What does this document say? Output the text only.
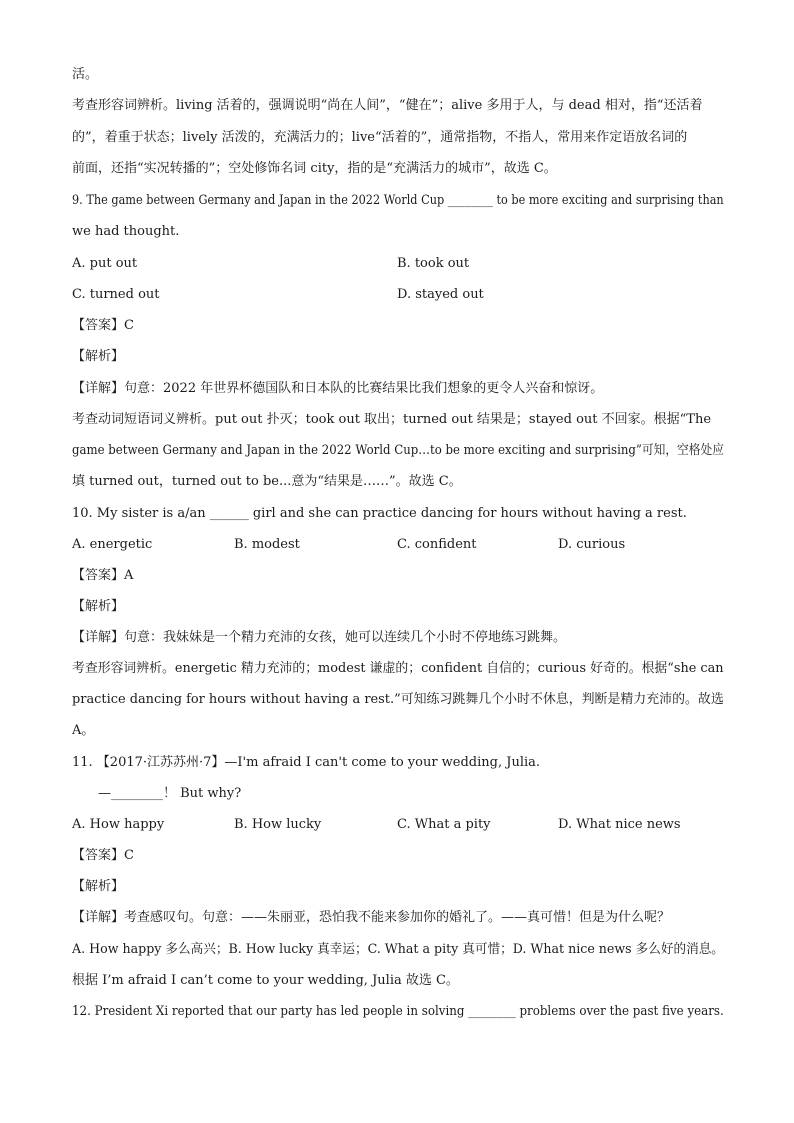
活。
考查形容词辨析。living 活着的，强调说明“尚在人间”，“健在”；alive 多用于人，与 dead 相对，指“还活着
的”，着重于状态；lively 活泼的，充满活力的；live“活着的”，通常指物，不指人，常用来作定语放名词的
前面，还指“实况转播的”；空处修饰名词 city，指的是“充满活力的城市”，故选 C。
9. The game between Germany and Japan in the 2022 World Cup ________ to be more exciting and surprising than
we had thought.
A. put out	B. took out
C. turned out	D. stayed out
【答案】C
【解析】
【详解】句意：2022 年世界杯德国队和日本队的比赛结果比我们想象的更令人兴奋和惊讶。
考查动词短语词义辨析。put out 扑灭；took out 取出；turned out 结果是；stayed out 不回家。根据“The
game between Germany and Japan in the 2022 World Cup…to be more exciting and surprising”可知，空格处应
填 turned out，turned out to be...意为“结果是……”。故选 C。
10. My sister is a/an ______ girl and she can practice dancing for hours without having a rest.
A. energetic	B. modest	C. confident	D. curious
【答案】A
【解析】
【详解】句意：我妹妹是一个精力充沛的女孩，她可以连续几个小时不停地练习跳舞。
考查形容词辨析。energetic 精力充沛的；modest 谦虚的；confident 自信的；curious 好奇的。根据“she can
practice dancing for hours without having a rest.”可知练习跳舞几个小时不休息，判断是精力充沛的。故选
A。
11. 【2017·江苏苏州·7】—I'm afraid I can't come to your wedding, Julia.
—________！ But why?
A. How happy	B. How lucky	C. What a pity	D. What nice news
【答案】C
【解析】
【详解】考查感叹句。句意：——朱丽亚，恐怕我不能来参加你的婚礼了。——真可惜！但是为什么呢？
A. How happy 多么高兴；B. How lucky 真幸运；C. What a pity 真可惜；D. What nice news 多么好的消息。
根据 I’m afraid I can’t come to your wedding, Julia 故选 C。
12. President Xi reported that our party has led people in solving ________ problems over the past five years.
